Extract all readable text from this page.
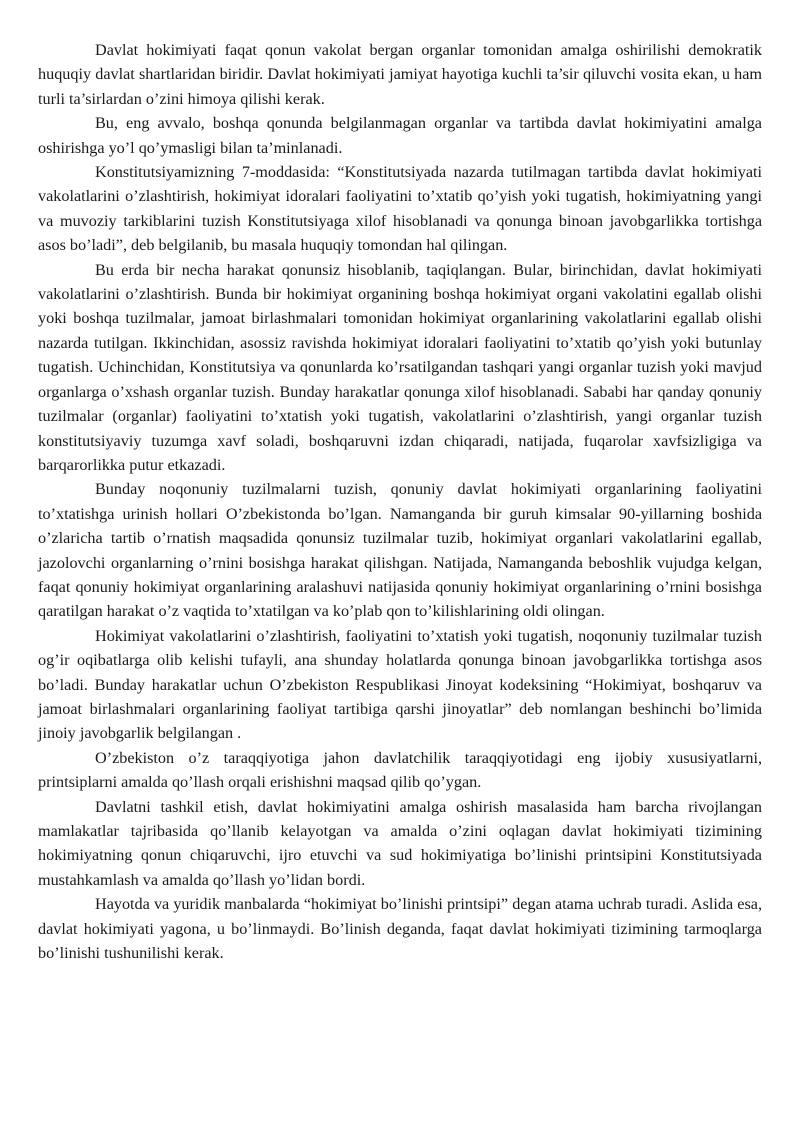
Davlat hokimiyati faqat qonun vakolat bergan organlar tomonidan amalga oshirilishi demokratik huquqiy davlat shartlaridan biridir. Davlat hokimiyati jamiyat hayotiga kuchli ta’sir qiluvchi vosita ekan, u ham turli ta’sirlardan o’zini himoya qilishi kerak.

Bu, eng avvalo, boshqa qonunda belgilanmagan organlar va tartibda davlat hokimiyatini amalga oshirishga yo’l qo’ymasligi bilan ta’minlanadi.

Konstitutsiyamizning 7-moddasida: “Konstitutsiyada nazarda tutilmagan tartibda davlat hokimiyati vakolatlarini o’zlashtirish, hokimiyat idoralari faoliyatini to’xtatib qo’yish yoki tugatish, hokimiyatning yangi va muvoziy tarkiblarini tuzish Konstitutsiyaga xilof hisoblanadi va qonunga binoan javobgarlikka tortishga asos bo’ladi”, deb belgilanib, bu masala huquqiy tomondan hal qilingan.

Bu erda bir necha harakat qonunsiz hisoblanib, taqiqlangan. Bular, birinchidan, davlat hokimiyati vakolatlarini o’zlashtirish. Bunda bir hokimiyat organining boshqa hokimiyat organi vakolatini egallab olishi yoki boshqa tuzilmalar, jamoat birlashmalari tomonidan hokimiyat organlarining vakolatlarini egallab olishi nazarda tutilgan. Ikkinchidan, asossiz ravishda hokimiyat idoralari faoliyatini to’xtatib qo’yish yoki butunlay tugatish. Uchinchidan, Konstitutsiya va qonunlarda ko’rsatilgandan tashqari yangi organlar tuzish yoki mavjud organlarga o’xshash organlar tuzish. Bunday harakatlar qonunga xilof hisoblanadi. Sababi har qanday qonuniy tuzilmalar (organlar) faoliyatini to’xtatish yoki tugatish, vakolatlarini o’zlashtirish, yangi organlar tuzish konstitutsiyaviy tuzumga xavf soladi, boshqaruvni izdan chiqaradi, natijada, fuqarolar xavfsizligiga va barqarorlikka putur etkazadi.

Bunday noqonuniy tuzilmalarni tuzish, qonuniy davlat hokimiyati organlarining faoliyatini to’xtatishga urinish hollari O’zbekistonda bo’lgan. Namanganda bir guruh kimsalar 90-yillarning boshida o’zlaricha tartib o’rnatish maqsadida qonunsiz tuzilmalar tuzib, hokimiyat organlari vakolatlarini egallab, jazolovchi organlarning o’rnini bosishga harakat qilishgan. Natijada, Namanganda beboshlik vujudga kelgan, faqat qonuniy hokimiyat organlarining aralashuvi natijasida qonuniy hokimiyat organlarining o’rnini bosishga qaratilgan harakat o’z vaqtida to’xtatilgan va ko’plab qon to’kilishlarining oldi olingan.

Hokimiyat vakolatlarini o’zlashtirish, faoliyatini to’xtatish yoki tugatish, noqonuniy tuzilmalar tuzish og’ir oqibatlarga olib kelishi tufayli, ana shunday holatlarda qonunga binoan javobgarlikka tortishga asos bo’ladi. Bunday harakatlar uchun O’zbekiston Respublikasi Jinoyat kodeksining “Hokimiyat, boshqaruv va jamoat birlashmalari organlarining faoliyat tartibiga qarshi jinoyatlar” deb nomlangan beshinchi bo’limida jinoiy javobgarlik belgilangan .

O’zbekiston o’z taraqqiyotiga jahon davlatchilik taraqqiyotidagi eng ijobiy xususiyatlarni, printsiplarni amalda qo’llash orqali erishishni maqsad qilib qo’ygan.

Davlatni tashkil etish, davlat hokimiyatini amalga oshirish masalasida ham barcha rivojlangan mamlakatlar tajribasida qo’llanib kelayotgan va amalda o’zini oqlagan davlat hokimiyati tizimining hokimiyatning qonun chiqaruvchi, ijro etuvchi va sud hokimiyatiga bo’linishi printsipini Konstitutsiyada mustahkamlash va amalda qo’llash yo’lidan bordi.

Hayotda va yuridik manbalarda “hokimiyat bo’linishi printsipi” degan atama uchrab turadi. Aslida esa, davlat hokimiyati yagona, u bo’linmaydi. Bo’linish deganda, faqat davlat hokimiyati tizimining tarmoqlarga bo’linishi tushunilishi kerak.
